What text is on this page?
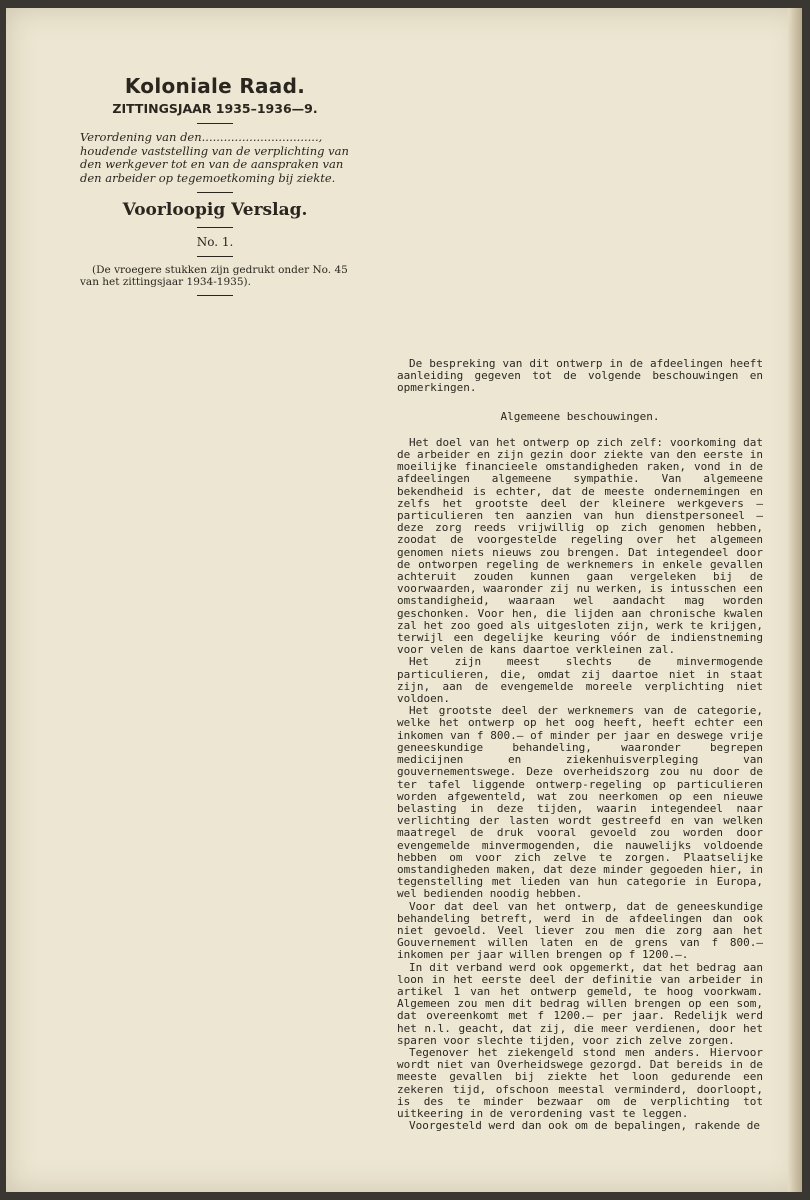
Koloniale Raad.
ZITTINGSJAAR 1935–1936—9.

Verordening van den................................, houdende vaststelling van de verplichting van den werkgever tot en van de aanspraken van den arbeider op tegemoetkoming bij ziekte.

Voorloopig Verslag.
No. 1.

(De vroegere stukken zijn gedrukt onder No. 45 van het zittingsjaar 1934-1935).

De bespreking van dit ontwerp in de afdeelingen heeft aanleiding gegeven tot de volgende beschouwingen en opmerkingen.

Algemeene beschouwingen.

Het doel van het ontwerp op zich zelf: voorkoming dat de arbeider en zijn gezin door ziekte van den eerste in moeilijke financieele omstandigheden raken, vond in de afdeelingen algemeene sympathie. Van algemeene bekendheid is echter, dat de meeste ondernemingen en zelfs het grootste deel der kleinere werkgevers — particulieren ten aanzien van hun dienstpersoneel — deze zorg reeds vrijwillig op zich genomen hebben, zoodat de voorgestelde regeling over het algemeen genomen niets nieuws zou brengen. Dat integendeel door de ontworpen regeling de werknemers in enkele gevallen achteruit zouden kunnen gaan vergeleken bij de voorwaarden, waaronder zij nu werken, is intusschen een omstandigheid, waaraan wel aandacht mag worden geschonken. Voor hen, die lijden aan chronische kwalen zal het zoo goed als uitgesloten zijn, werk te krijgen, terwijl een degelijke keuring vóór de indienstneming voor velen de kans daartoe verkleinen zal.

Het zijn meest slechts de minvermogende particulieren, die, omdat zij daartoe niet in staat zijn, aan de evengemelde moreele verplichting niet voldoen.

Het grootste deel der werknemers van de categorie, welke het ontwerp op het oog heeft, heeft echter een inkomen van f 800.— of minder per jaar en deswege vrije geneeskundige behandeling, waaronder begrepen medicijnen en ziekenhuisverpleging van gouvernementswege. Deze overheidszorg zou nu door de ter tafel liggende ontwerp-regeling op particulieren worden afgewenteld, wat zou neerkomen op een nieuwe belasting in deze tijden, waarin integendeel naar verlichting der lasten wordt gestreefd en van welken maatregel de druk vooral gevoeld zou worden door evengemelde minvermogenden, die nauwelijks voldoende hebben om voor zich zelve te zorgen. Plaatselijke omstandigheden maken, dat deze minder gegoeden hier, in tegenstelling met lieden van hun categorie in Europa, wel bedienden noodig hebben.

Voor dat deel van het ontwerp, dat de geneeskundige behandeling betreft, werd in de afdeelingen dan ook niet gevoeld. Veel liever zou men die zorg aan het Gouvernement willen laten en de grens van f 800.— inkomen per jaar willen brengen op f 1200.—.

In dit verband werd ook opgemerkt, dat het bedrag aan loon in het eerste deel der definitie van arbeider in artikel 1 van het ontwerp gemeld, te hoog voorkwam. Algemeen zou men dit bedrag willen brengen op een som, dat overeenkomt met f 1200.— per jaar. Redelijk werd het n.l. geacht, dat zij, die meer verdienen, door het sparen voor slechte tijden, voor zich zelve zorgen.

Tegenover het ziekengeld stond men anders. Hiervoor wordt niet van Overheidswege gezorgd. Dat bereids in de meeste gevallen bij ziekte het loon gedurende een zekeren tijd, ofschoon meestal verminderd, doorloopt, is des te minder bezwaar om de verplichting tot uitkeering in de verordening vast te leggen.

Voorgesteld werd dan ook om de bepalingen, rakende de
